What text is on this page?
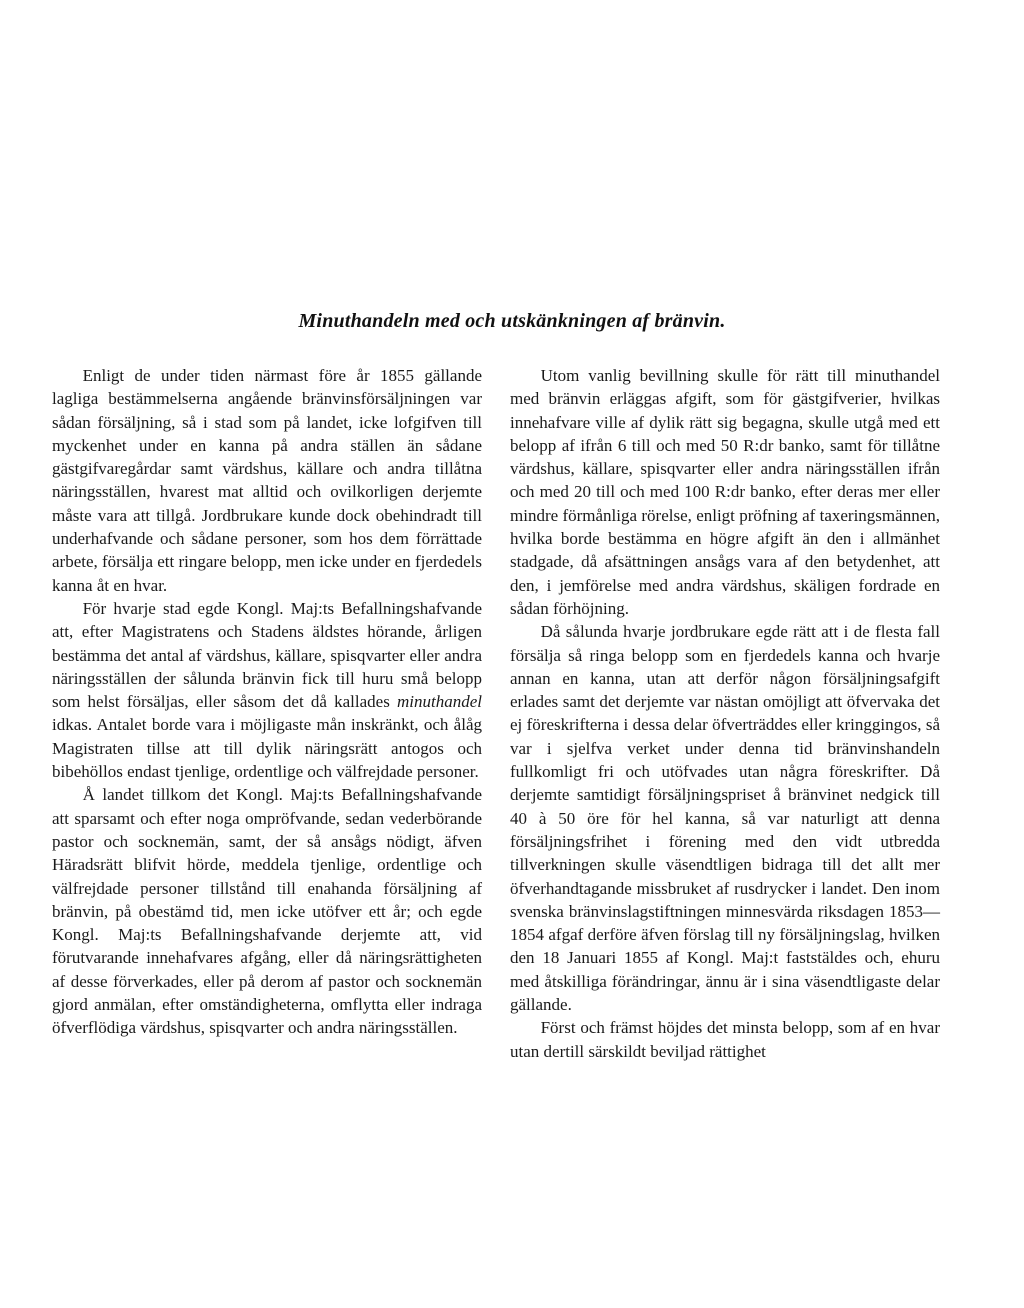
Minuthandeln med och utskänkningen af bränvin.

Enligt de under tiden närmast före år 1855 gällande lagliga bestämmelserna angående bränvinsförsäljningen var sådan försäljning, så i stad som på landet, icke lofgifven till myckenhet under en kanna på andra ställen än sådane gästgifvaregårdar samt värdshus, källare och andra tillåtna näringsställen, hvarest mat alltid och ovilkorligen derjemte måste vara att tillgå. Jordbrukare kunde dock obehindradt till underhafvande och sådane personer, som hos dem förrättade arbete, försälja ett ringare belopp, men icke under en fjerdedels kanna åt en hvar.

För hvarje stad egde Kongl. Maj:ts Befallningshafvande att, efter Magistratens och Stadens äldstes hörande, årligen bestämma det antal af värdshus, källare, spisqvarter eller andra näringsställen der sålunda bränvin fick till huru små belopp som helst försäljas, eller såsom det då kallades minuthandel idkas. Antalet borde vara i möjligaste mån inskränkt, och ålåg Magistraten tillse att till dylik näringsrätt antogos och bibehöllos endast tjenlige, ordentlige och välfrejdade personer.

Å landet tillkom det Kongl. Maj:ts Befallningshafvande att sparsamt och efter noga ompröfvande, sedan vederbörande pastor och socknemän, samt, der så ansågs nödigt, äfven Häradsrätt blifvit hörde, meddela tjenlige, ordentlige och välfrejdade personer tillstånd till enahanda försäljning af bränvin, på obestämd tid, men icke utöfver ett år; och egde Kongl. Maj:ts Befallningshafvande derjemte att, vid förutvarande innehafvares afgång, eller då näringsrättigheten af desse förverkades, eller på derom af pastor och socknemän gjord anmälan, efter omständigheterna, omflytta eller indraga öfverflödiga värdshus, spisqvarter och andra näringsställen.

Utom vanlig bevillning skulle för rätt till minuthandel med bränvin erläggas afgift, som för gästgifverier, hvilkas innehafvare ville af dylik rätt sig begagna, skulle utgå med ett belopp af ifrån 6 till och med 50 R:dr banko, samt för tillåtne värdshus, källare, spisqvarter eller andra näringsställen ifrån och med 20 till och med 100 R:dr banko, efter deras mer eller mindre förmånliga rörelse, enligt pröfning af taxeringsmännen, hvilka borde bestämma en högre afgift än den i allmänhet stadgade, då afsättningen ansågs vara af den betydenhet, att den, i jemförelse med andra värdshus, skäligen fordrade en sådan förhöjning.

Då sålunda hvarje jordbrukare egde rätt att i de flesta fall försälja så ringa belopp som en fjerdedels kanna och hvarje annan en kanna, utan att derför någon försäljningsafgift erlades samt det derjemte var nästan omöjligt att öfvervaka det ej föreskrifterna i dessa delar öfverträddes eller kringgingos, så var i sjelfva verket under denna tid bränvinshandeln fullkomligt fri och utöfvades utan några föreskrifter. Då derjemte samtidigt försäljningspriset å bränvinet nedgick till 40 à 50 öre för hel kanna, så var naturligt att denna försäljningsfrihet i förening med den vidt utbredda tillverkningen skulle väsendtligen bidraga till det allt mer öfverhandtagande missbruket af rusdrycker i landet. Den inom svenska bränvinslagstiftningen minnesvärda riksdagen 1853—1854 afgaf derföre äfven förslag till ny försäljningslag, hvilken den 18 Januari 1855 af Kongl. Maj:t faststäldes och, ehuru med åtskilliga förändringar, ännu är i sina väsendtligaste delar gällande.

Först och främst höjdes det minsta belopp, som af en hvar utan dertill särskildt beviljad rättighet
